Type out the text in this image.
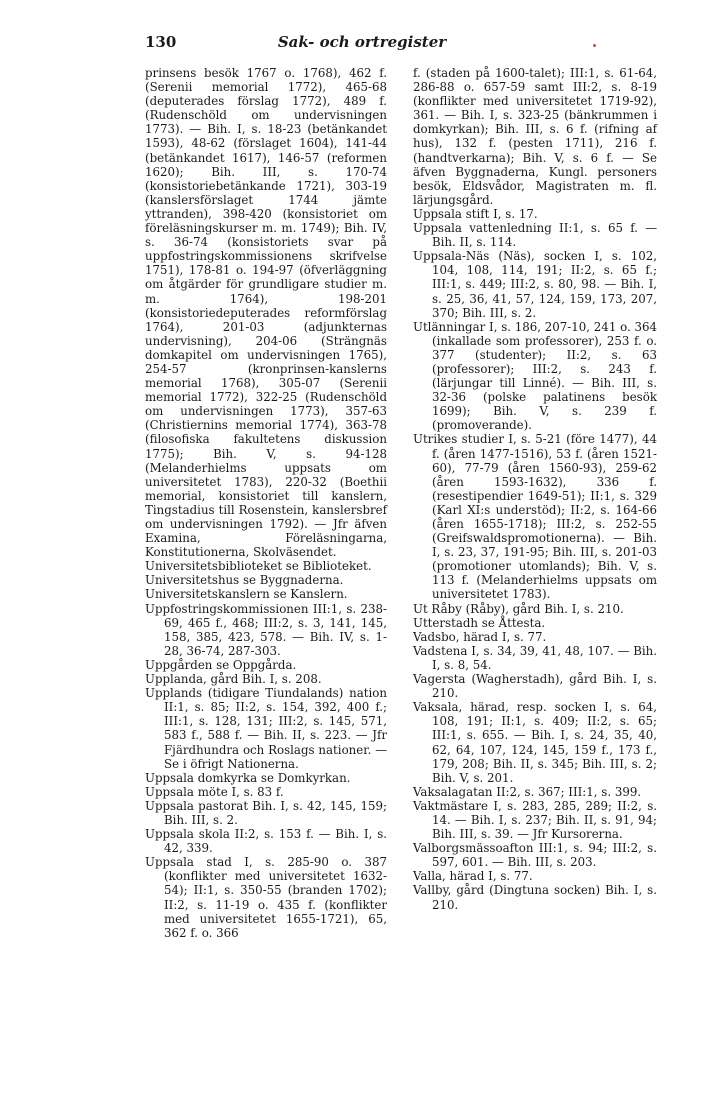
130	Sak- och ortregister

prinsens besök 1767 o. 1768), 462 f. (Serenii memorial 1772), 465-68 (deputerades förslag 1772), 489 f. (Rudenschöld om undervisningen 1773). — Bih. I, s. 18-23 (betänkandet 1593), 48-62 (förslaget 1604), 141-44 (betänkandet 1617), 146-57 (reformen 1620); Bih. III, s. 170-74 (konsistoriebetänkande 1721), 303-19 (kanslersförslaget 1744 jämte yttranden), 398-420 (konsistoriet om föreläsningskurser m. m. 1749); Bih. IV, s. 36-74 (konsistoriets svar på uppfostringskommissionens skrifvelse 1751), 178-81 o. 194-97 (öfverläggning om åtgärder för grundligare studier m. m. 1764), 198-201 (konsistoriedeputerades reformförslag 1764), 201-03 (adjunkternas undervisning), 204-06 (Strängnäs domkapitel om undervisningen 1765), 254-57 (kronprinsen-kanslerns memorial 1768), 305-07 (Serenii memorial 1772), 322-25 (Rudenschöld om undervisningen 1773), 357-63 (Christiernins memorial 1774), 363-78 (filosofiska fakultetens diskussion 1775); Bih. V, s. 94-128 (Melanderhielms uppsats om universitetet 1783), 220-32 (Boethii memorial, konsistoriet till kanslern, Tingstadius till Rosenstein, kanslersbref om undervisningen 1792). — Jfr äfven Examina, Föreläsningarna, Konstitutionerna, Skolväsendet.

Universitetsbiblioteket se Biblioteket.

Universitetshus se Byggnaderna.

Universitetskanslern se Kanslern.

Uppfostringskommissionen III:1, s. 238-69, 465 f., 468; III:2, s. 3, 141, 145, 158, 385, 423, 578. — Bih. IV, s. 1-28, 36-74, 287-303.

Uppgården se Oppgårda.

Upplanda, gård Bih. I, s. 208.

Upplands (tidigare Tiundalands) nation II:1, s. 85; II:2, s. 154, 392, 400 f.; III:1, s. 128, 131; III:2, s. 145, 571, 583 f., 588 f. — Bih. II, s. 223. — Jfr Fjärdhundra och Roslags nationer. — Se i öfrigt Nationerna.

Uppsala domkyrka se Domkyrkan.

Uppsala möte I, s. 83 f.

Uppsala pastorat Bih. I, s. 42, 145, 159; Bih. III, s. 2.

Uppsala skola II:2, s. 153 f. — Bih. I, s. 42, 339.

Uppsala stad I, s. 285-90 o. 387 (konflikter med universitetet 1632-54); II:1, s. 350-55 (branden 1702); II:2, s. 11-19 o. 435 f. (konflikter med universitetet 1655-1721), 65, 362 f. o. 366

f. (staden på 1600-talet); III:1, s. 61-64, 286-88 o. 657-59 samt III:2, s. 8-19 (konflikter med universitetet 1719-92), 361. — Bih. I, s. 323-25 (bänkrummen i domkyrkan); Bih. III, s. 6 f. (rifning af hus), 132 f. (pesten 1711), 216 f. (handtverkarna); Bih. V, s. 6 f. — Se äfven Byggnaderna, Kungl. personers besök, Eldsvådor, Magistraten m. fl. lärjungsgård.

Uppsala stift I, s. 17.

Uppsala vattenledning II:1, s. 65 f. — Bih. II, s. 114.

Uppsala-Näs (Näs), socken I, s. 102, 104, 108, 114, 191; II:2, s. 65 f.; III:1, s. 449; III:2, s. 80, 98. — Bih. I, s. 25, 36, 41, 57, 124, 159, 173, 207, 370; Bih. III, s. 2.

Utlänningar I, s. 186, 207-10, 241 o. 364 (inkallade som professorer), 253 f. o. 377 (studenter); II:2, s. 63 (professorer); III:2, s. 243 f. (lärjungar till Linné). — Bih. III, s. 32-36 (polske palatinens besök 1699); Bih. V, s. 239 f. (promoverande).

Utrikes studier I, s. 5-21 (före 1477), 44 f. (åren 1477-1516), 53 f. (åren 1521-60), 77-79 (åren 1560-93), 259-62 (åren 1593-1632), 336 f. (resestipendier 1649-51); II:1, s. 329 (Karl XI:s understöd); II:2, s. 164-66 (åren 1655-1718); III:2, s. 252-55 (Greifswaldspromotionerna). — Bih. I, s. 23, 37, 191-95; Bih. III, s. 201-03 (promotioner utomlands); Bih. V, s. 113 f. (Melanderhielms uppsats om universitetet 1783).

Ut Råby (Råby), gård Bih. I, s. 210.

Utterstadh se Åttesta.

Vadsbo, härad I, s. 77.

Vadstena I, s. 34, 39, 41, 48, 107. — Bih. I, s. 8, 54.

Vagersta (Wagherstadh), gård Bih. I, s. 210.

Vaksala, härad, resp. socken I, s. 64, 108, 191; II:1, s. 409; II:2, s. 65; III:1, s. 655. — Bih. I, s. 24, 35, 40, 62, 64, 107, 124, 145, 159 f., 173 f., 179, 208; Bih. II, s. 345; Bih. III, s. 2; Bih. V, s. 201.

Vaksalagatan II:2, s. 367; III:1, s. 399.

Vaktmästare I, s. 283, 285, 289; II:2, s. 14. — Bih. I, s. 237; Bih. II, s. 91, 94; Bih. III, s. 39. — Jfr Kursorerna.

Valborgsmässoafton III:1, s. 94; III:2, s. 597, 601. — Bih. III, s. 203.

Valla, härad I, s. 77.

Vallby, gård (Dingtuna socken) Bih. I, s. 210.
